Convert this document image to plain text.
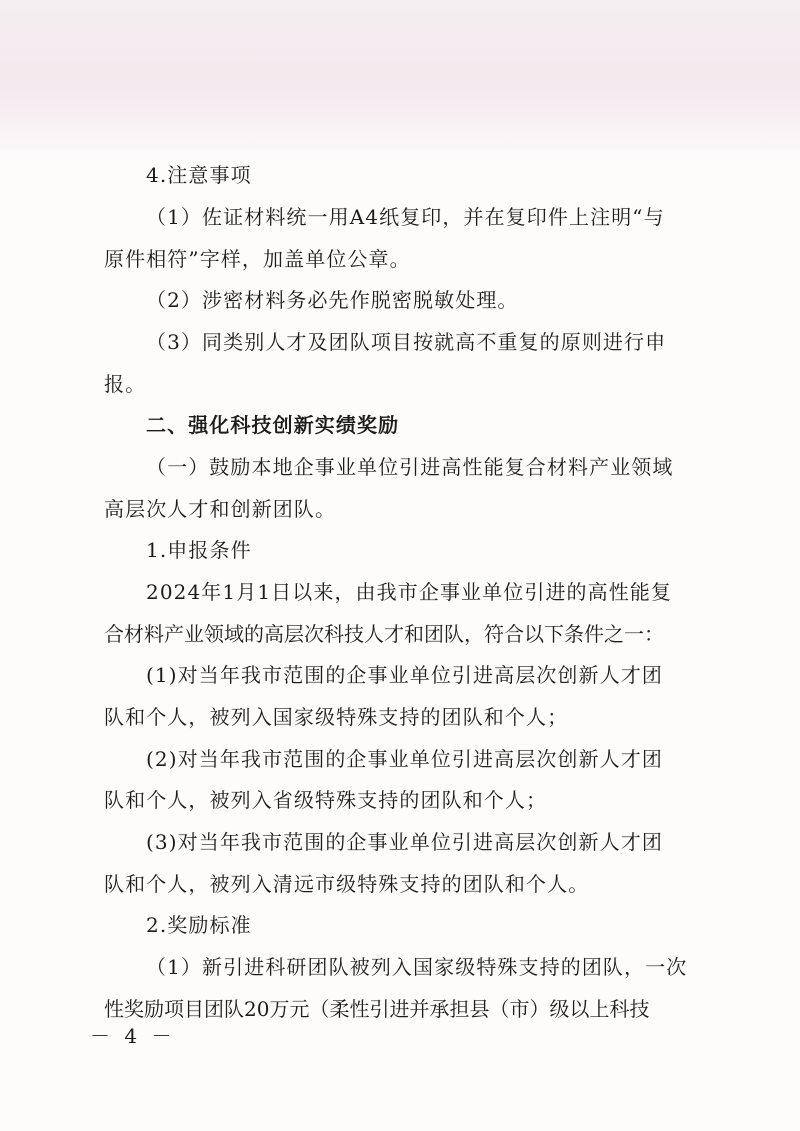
4.注意事项
（1）佐证材料统一用A4纸复印，并在复印件上注明“与
原件相符”字样，加盖单位公章。
（2）涉密材料务必先作脱密脱敏处理。
（3）同类别人才及团队项目按就高不重复的原则进行申
报。
二、强化科技创新实绩奖励
（一）鼓励本地企事业单位引进高性能复合材料产业领域
高层次人才和创新团队。
1.申报条件
2024年1月1日以来，由我市企事业单位引进的高性能复
合材料产业领域的高层次科技人才和团队，符合以下条件之一：
(1)对当年我市范围的企事业单位引进高层次创新人才团
队和个人，被列入国家级特殊支持的团队和个人；
(2)对当年我市范围的企事业单位引进高层次创新人才团
队和个人，被列入省级特殊支持的团队和个人；
(3)对当年我市范围的企事业单位引进高层次创新人才团
队和个人，被列入清远市级特殊支持的团队和个人。
2.奖励标准
（1）新引进科研团队被列入国家级特殊支持的团队，一次
性奖励项目团队20万元（柔性引进并承担县（市）级以上科技
－ 4 －
